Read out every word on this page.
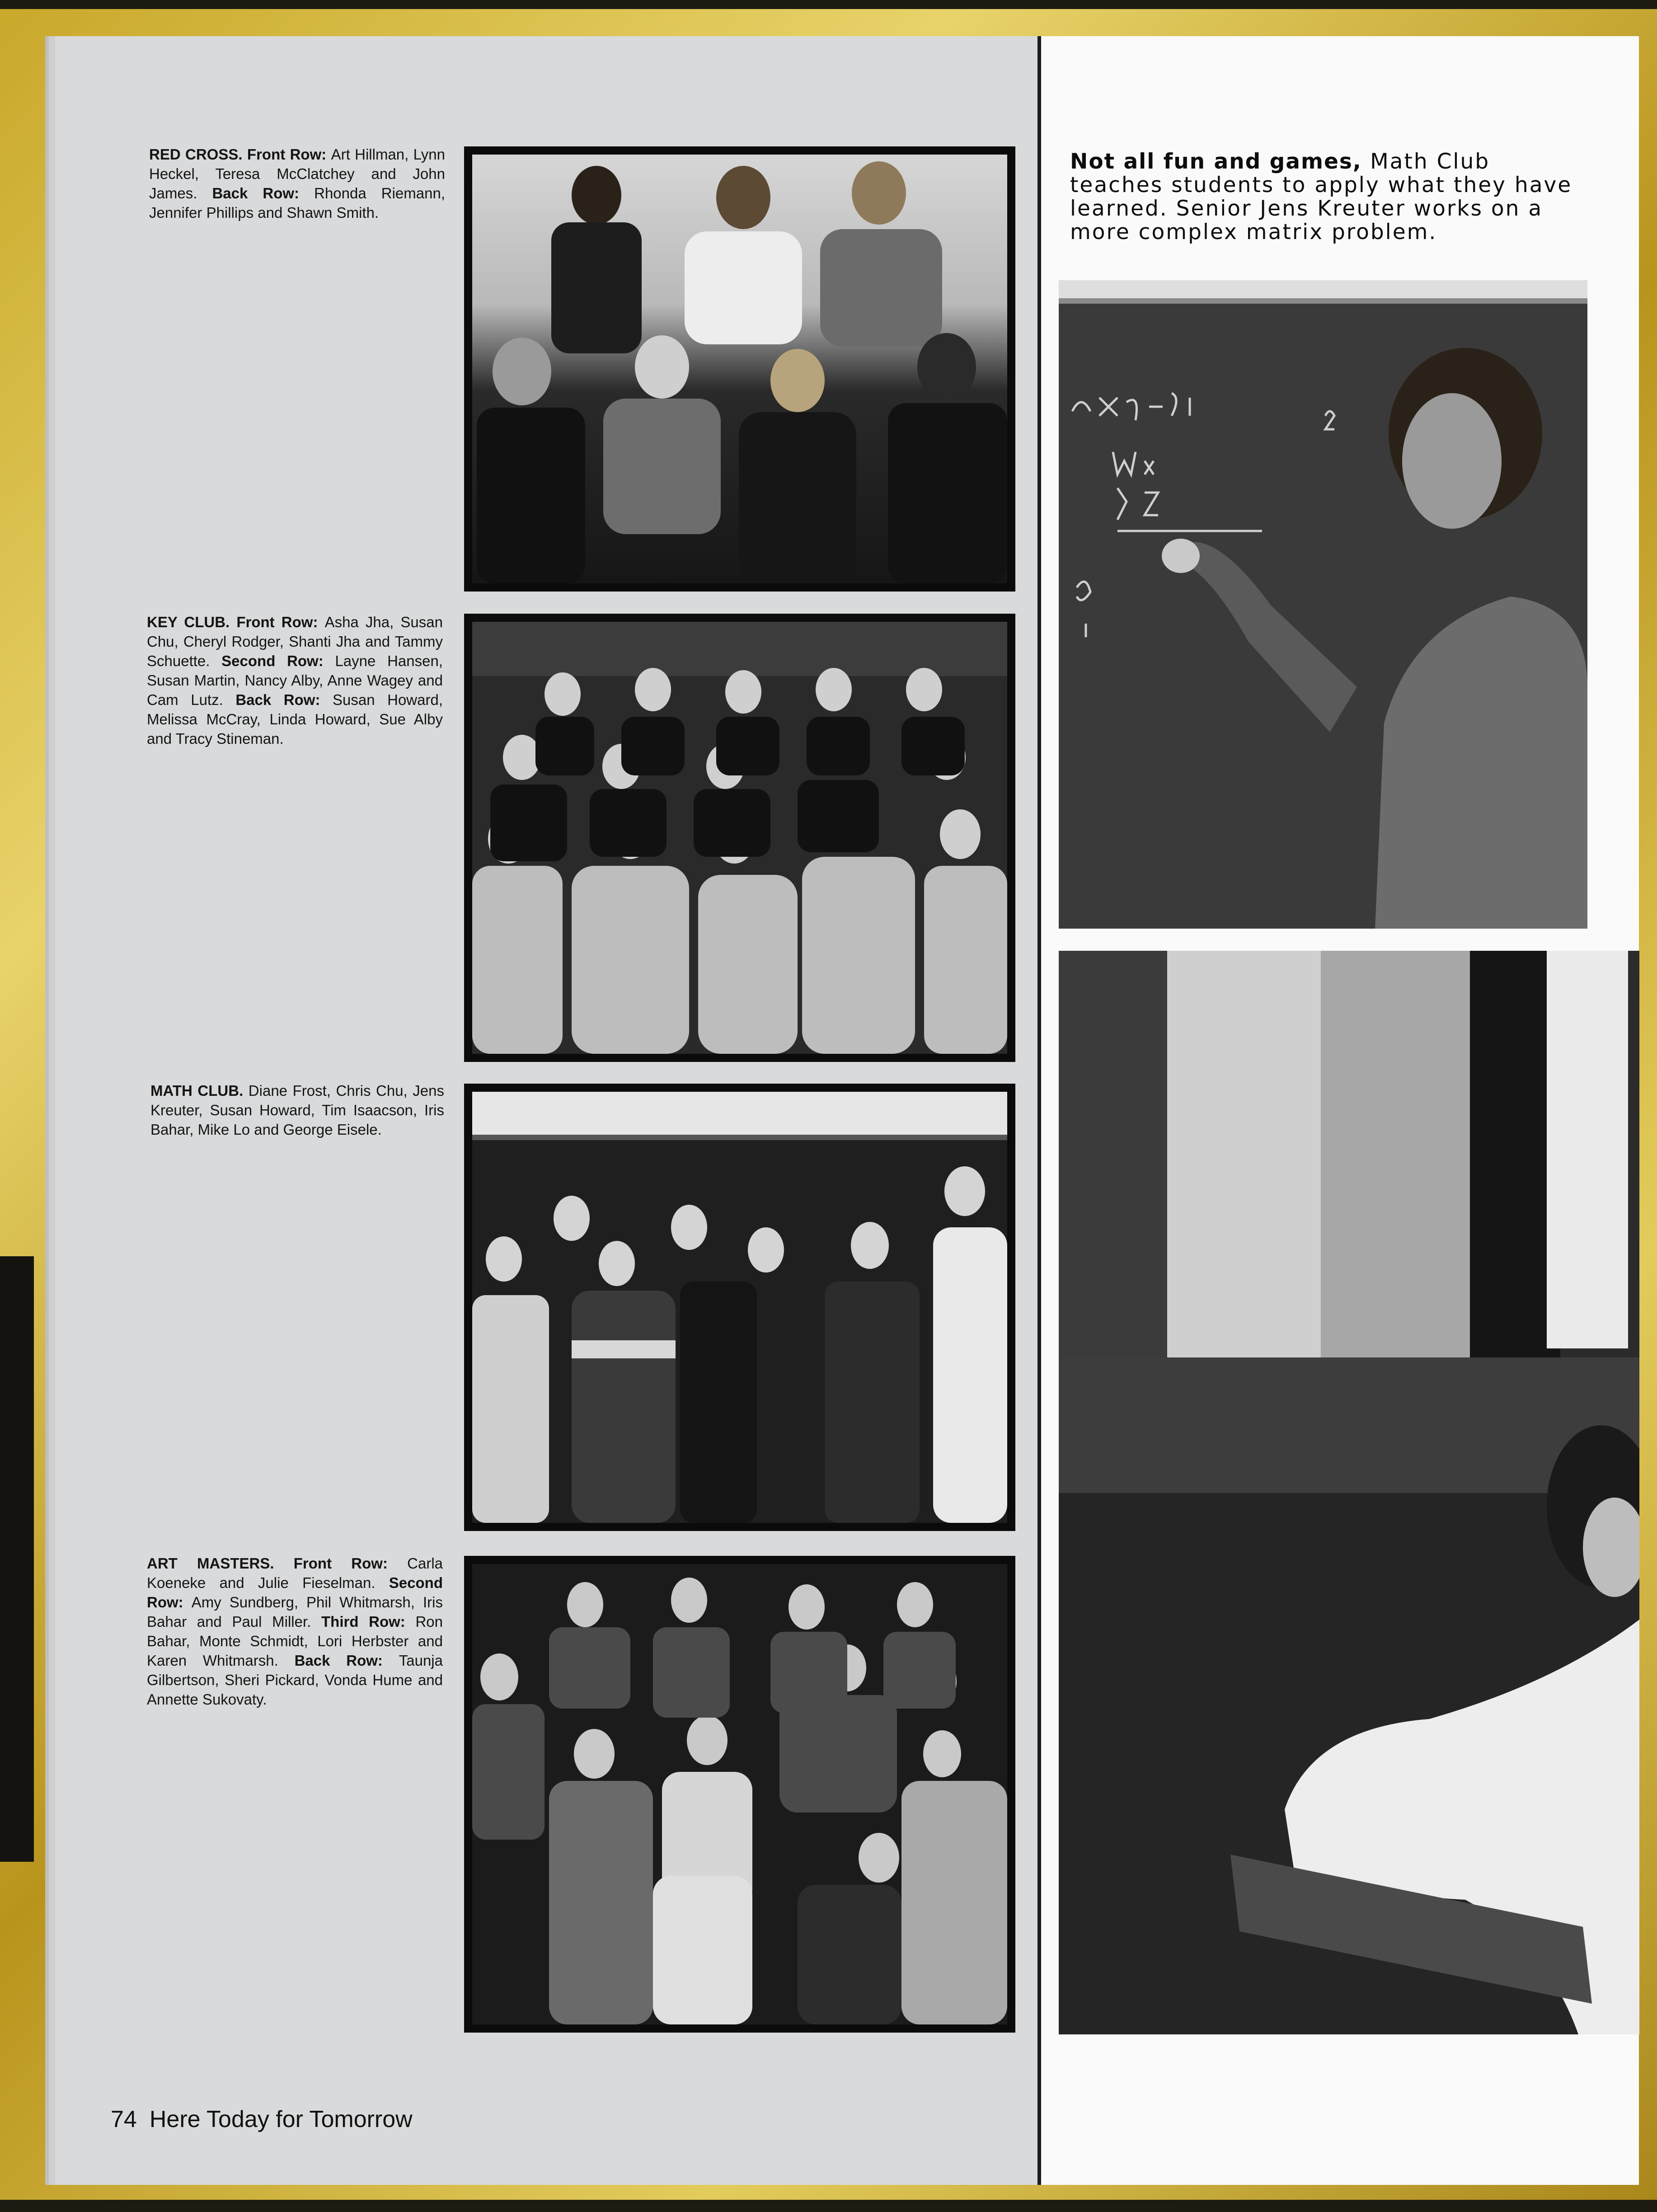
RED CROSS. Front Row: Art Hillman, Lynn Heckel, Teresa McClatchey and John James. Back Row: Rhonda Riemann, Jennifer Phillips and Shawn Smith.
KEY CLUB. Front Row: Asha Jha, Susan Chu, Cheryl Rodger, Shanti Jha and Tammy Schuette. Second Row: Layne Hansen, Susan Martin, Nancy Alby, Anne Wagey and Cam Lutz. Back Row: Susan Howard, Melissa McCray, Linda Howard, Sue Alby and Tracy Stineman.
MATH CLUB. Diane Frost, Chris Chu, Jens Kreuter, Susan Howard, Tim Isaacson, Iris Bahar, Mike Lo and George Eisele.
ART MASTERS. Front Row: Carla Koeneke and Julie Fieselman. Second Row: Amy Sundberg, Phil Whitmarsh, Iris Bahar and Paul Miller. Third Row: Ron Bahar, Monte Schmidt, Lori Herbster and Karen Whitmarsh. Back Row: Taunja Gilbertson, Sheri Pickard, Vonda Hume and Annette Sukovaty.
74 Here Today for Tomorrow
Not all fun and games, Math Club teaches students to apply what they have learned. Senior Jens Kreuter works on a more complex matrix problem.
